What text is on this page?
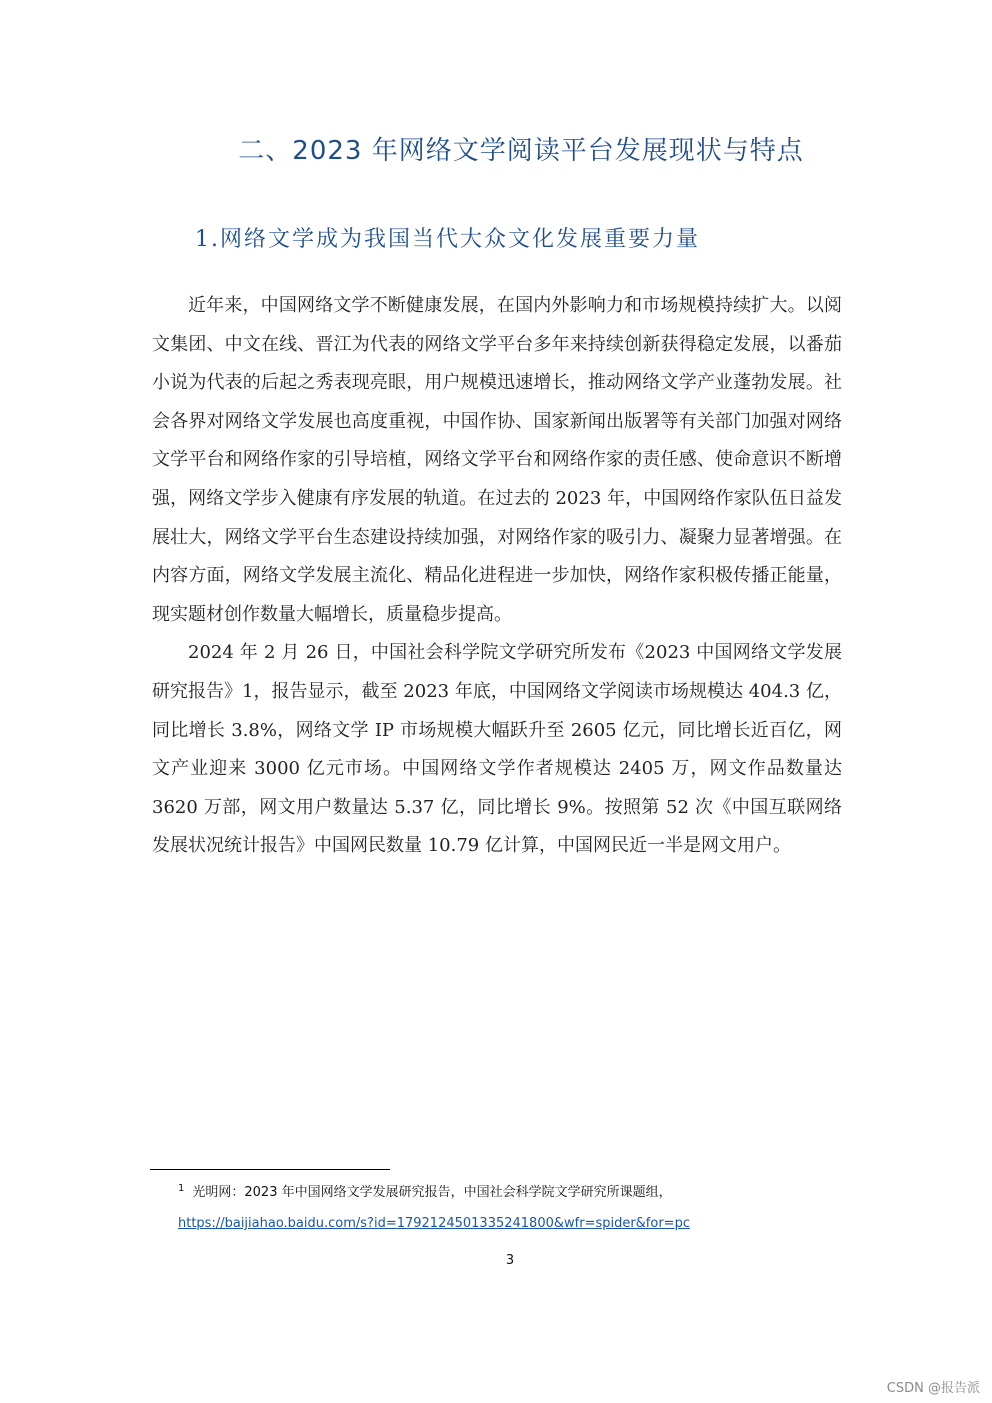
二、2023 年网络文学阅读平台发展现状与特点
1.网络文学成为我国当代大众文化发展重要力量

近年来，中国网络文学不断健康发展，在国内外影响力和市场规模持续扩大。以阅文集团、中文在线、晋江为代表的网络文学平台多年来持续创新获得稳定发展，以番茄小说为代表的后起之秀表现亮眼，用户规模迅速增长，推动网络文学产业蓬勃发展。社会各界对网络文学发展也高度重视，中国作协、国家新闻出版署等有关部门加强对网络文学平台和网络作家的引导培植，网络文学平台和网络作家的责任感、使命意识不断增强，网络文学步入健康有序发展的轨道。在过去的 2023 年，中国网络作家队伍日益发展壮大，网络文学平台生态建设持续加强，对网络作家的吸引力、凝聚力显著增强。在内容方面，网络文学发展主流化、精品化进程进一步加快，网络作家积极传播正能量，现实题材创作数量大幅增长，质量稳步提高。

2024 年 2 月 26 日，中国社会科学院文学研究所发布《2023 中国网络文学发展研究报告》1，报告显示，截至 2023 年底，中国网络文学阅读市场规模达 404.3 亿，同比增长 3.8%，网络文学 IP 市场规模大幅跃升至 2605 亿元，同比增长近百亿，网文产业迎来 3000 亿元市场。中国网络文学作者规模达 2405 万，网文作品数量达 3620 万部，网文用户数量达 5.37 亿，同比增长 9%。按照第 52 次《中国互联网络发展状况统计报告》中国网民数量 10.79 亿计算，中国网民近一半是网文用户。

$^1$ 光明网：2023 年中国网络文学发展研究报告，中国社会科学院文学研究所课题组，
https://baijiahao.baidu.com/s?id=1792124501335241800&wfr=spider&for=pc
3
CSDN @报告派
